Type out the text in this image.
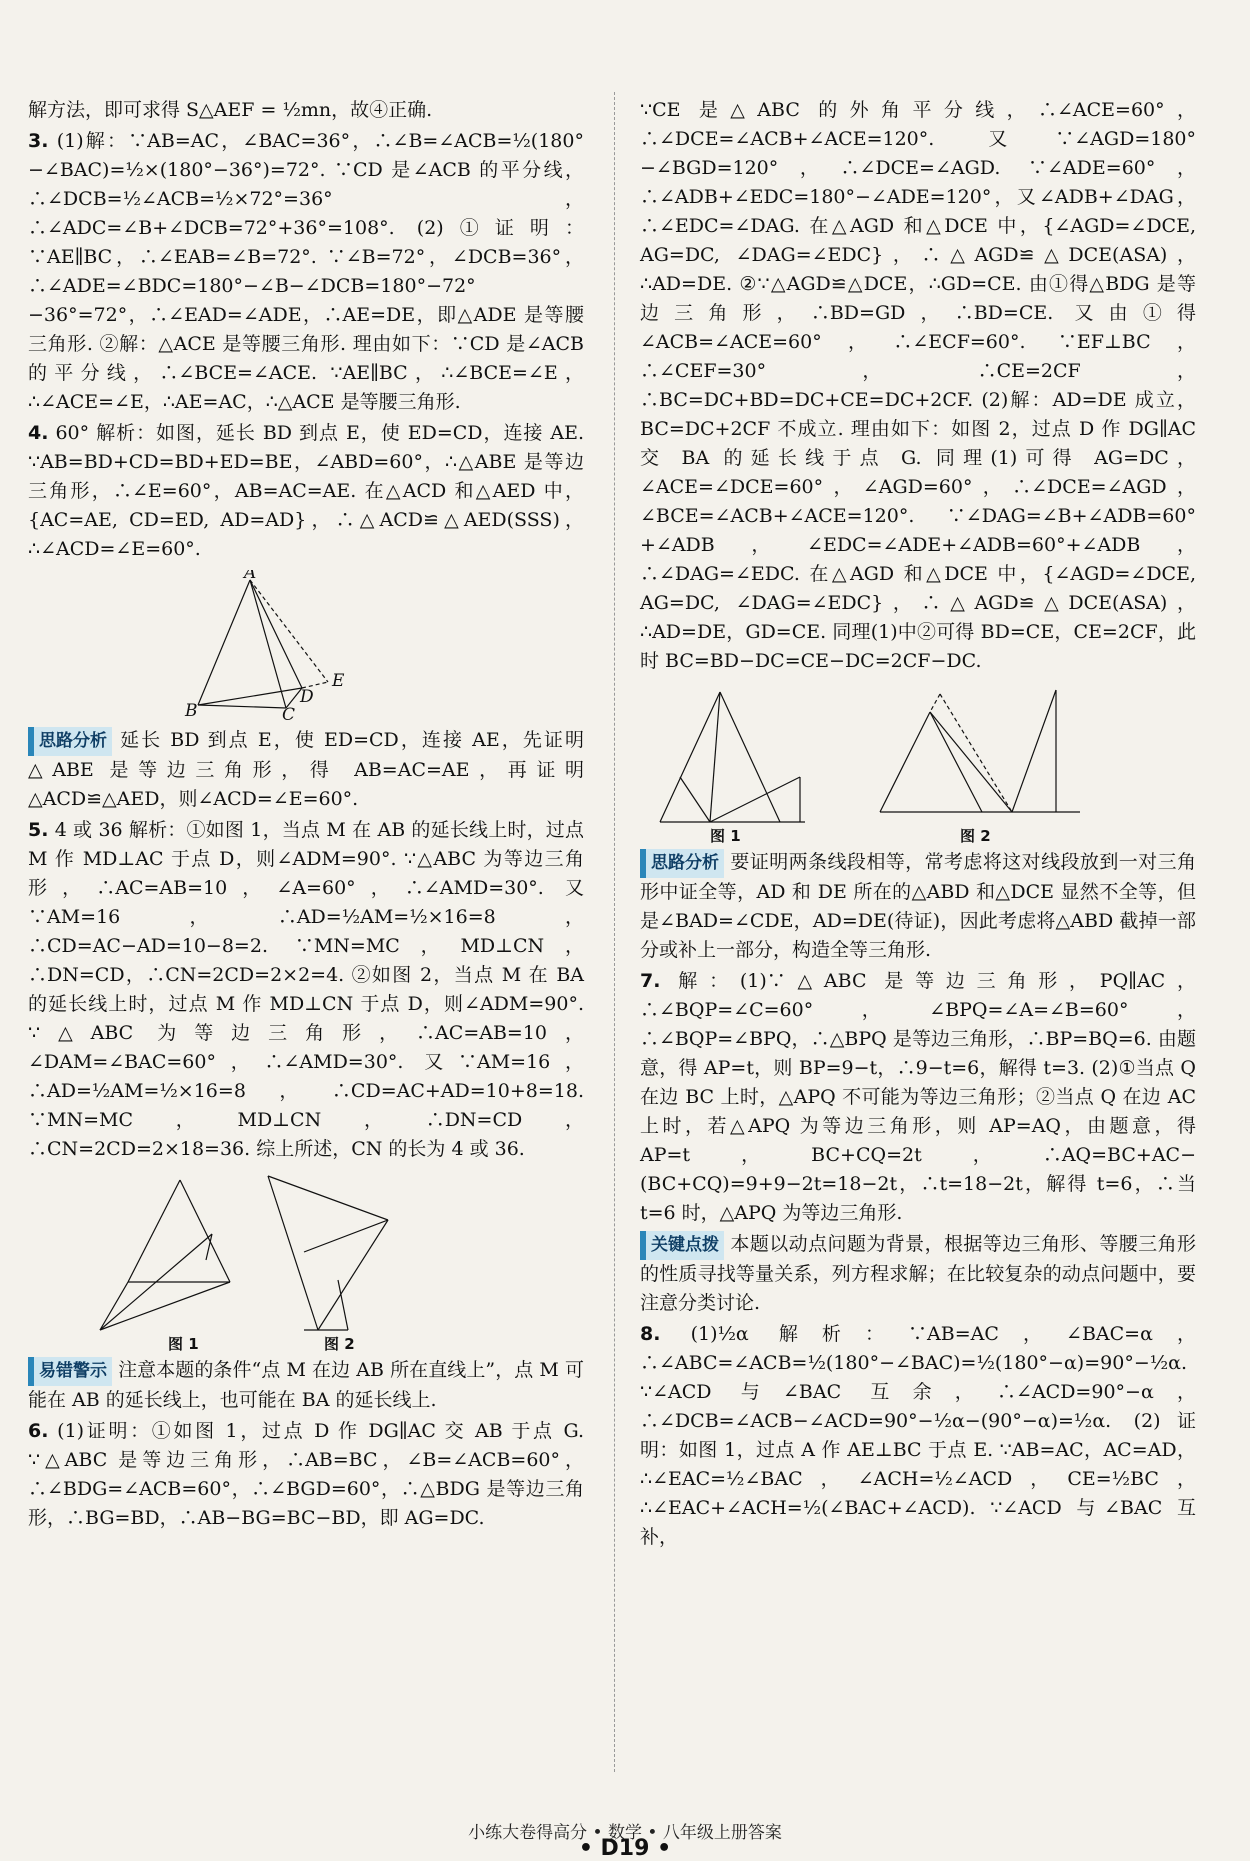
解方法，即可求得 S△AEF = ½mn，故④正确.

3. (1)解：∵AB=AC，∠BAC=36°，∴∠B=∠ACB=½(180°−∠BAC)=½×(180°−36°)=72°. ∵CD 是∠ACB 的平分线，∴∠DCB=½∠ACB=½×72°=36°，∴∠ADC=∠B+∠DCB=72°+36°=108°. (2)①证明：∵AE∥BC，∴∠EAB=∠B=72°. ∵∠B=72°，∠DCB=36°，∴∠ADE=∠BDC=180°−∠B−∠DCB=180°−72°−36°=72°，∴∠EAD=∠ADE，∴AE=DE，即△ADE 是等腰三角形. ②解：△ACE 是等腰三角形. 理由如下：∵CD 是∠ACB 的平分线，∴∠BCE=∠ACE. ∵AE∥BC，∴∠BCE=∠E，∴∠ACE=∠E，∴AE=AC，∴△ACE 是等腰三角形.

4. 60° 解析：如图，延长 BD 到点 E，使 ED=CD，连接 AE. ∵AB=BD+CD=BD+ED=BE，∠ABD=60°，∴△ABE 是等边三角形，∴∠E=60°，AB=AC=AE. 在△ACD 和△AED 中，{AC=AE, CD=ED, AD=AD}，∴△ACD≌△AED(SSS)，∴∠ACD=∠E=60°.

A
B	C
D
E

思路分析 延长 BD 到点 E，使 ED=CD，连接 AE，先证明△ABE 是等边三角形，得 AB=AC=AE，再证明△ACD≌△AED，则∠ACD=∠E=60°.

5. 4 或 36 解析：①如图 1，当点 M 在 AB 的延长线上时，过点 M 作 MD⊥AC 于点 D，则∠ADM=90°. ∵△ABC 为等边三角形，∴AC=AB=10，∠A=60°，∴∠AMD=30°. 又∵AM=16，∴AD=½AM=½×16=8，∴CD=AC−AD=10−8=2. ∵MN=MC，MD⊥CN，∴DN=CD，∴CN=2CD=2×2=4. ②如图 2，当点 M 在 BA 的延长线上时，过点 M 作 MD⊥CN 于点 D，则∠ADM=90°. ∵△ABC 为等边三角形，∴AC=AB=10，∠DAM=∠BAC=60°，∴∠AMD=30°. 又∵AM=16，∴AD=½AM=½×16=8，∴CD=AC+AD=10+8=18. ∵MN=MC，MD⊥CN，∴DN=CD，∴CN=2CD=2×18=36. 综上所述，CN 的长为 4 或 36.

图 1	图 2

易错警示 注意本题的条件“点 M 在边 AB 所在直线上”，点 M 可能在 AB 的延长线上，也可能在 BA 的延长线上.

6. (1)证明：①如图 1，过点 D 作 DG∥AC 交 AB 于点 G. ∵△ABC 是等边三角形，∴AB=BC，∠B=∠ACB=60°，∴∠BDG=∠ACB=60°，∴∠BGD=60°，∴△BDG 是等边三角形，∴BG=BD，∴AB−BG=BC−BD，即 AG=DC.

∵CE 是△ABC 的外角平分线，∴∠ACE=60°，∴∠DCE=∠ACB+∠ACE=120°. 又∵∠AGD=180°−∠BGD=120°，∴∠DCE=∠AGD. ∵∠ADE=60°，∴∠ADB+∠EDC=180°−∠ADE=120°，又∠ADB+∠DAG，∴∠EDC=∠DAG. 在△AGD 和△DCE 中，{∠AGD=∠DCE, AG=DC, ∠DAG=∠EDC}，∴△AGD≌△DCE(ASA)，∴AD=DE. ②∵△AGD≌△DCE，∴GD=CE. 由①得△BDG 是等边三角形，∴BD=GD，∴BD=CE. 又由①得∠ACB=∠ACE=60°，∴∠ECF=60°. ∵EF⊥BC，∴∠CEF=30°，∴CE=2CF，∴BC=DC+BD=DC+CE=DC+2CF. (2)解：AD=DE 成立，BC=DC+2CF 不成立. 理由如下：如图 2，过点 D 作 DG∥AC 交 BA 的延长线于点 G. 同理(1)可得 AG=DC，∠ACE=∠DCE=60°，∠AGD=60°，∴∠DCE=∠AGD，∠BCE=∠ACB+∠ACE=120°. ∵∠DAG=∠B+∠ADB=60°+∠ADB，∠EDC=∠ADE+∠ADB=60°+∠ADB，∴∠DAG=∠EDC. 在△AGD 和△DCE 中，{∠AGD=∠DCE, AG=DC, ∠DAG=∠EDC}，∴△AGD≌△DCE(ASA)，∴AD=DE，GD=CE. 同理(1)中②可得 BD=CE，CE=2CF，此时 BC=BD−DC=CE−DC=2CF−DC.

图 1	图 2

思路分析 要证明两条线段相等，常考虑将这对线段放到一对三角形中证全等，AD 和 DE 所在的△ABD 和△DCE 显然不全等，但是∠BAD=∠CDE，AD=DE(待证)，因此考虑将△ABD 截掉一部分或补上一部分，构造全等三角形.

7. 解：(1)∵△ABC 是等边三角形，PQ∥AC，∴∠BQP=∠C=60°，∠BPQ=∠A=∠B=60°，∴∠BQP=∠BPQ，∴△BPQ 是等边三角形，∴BP=BQ=6. 由题意，得 AP=t，则 BP=9−t，∴9−t=6，解得 t=3. (2)①当点 Q 在边 BC 上时，△APQ 不可能为等边三角形；②当点 Q 在边 AC 上时，若△APQ 为等边三角形，则 AP=AQ，由题意，得 AP=t，BC+CQ=2t，∴AQ=BC+AC−(BC+CQ)=9+9−2t=18−2t，∴t=18−2t，解得 t=6，∴当 t=6 时，△APQ 为等边三角形.

关键点拨 本题以动点问题为背景，根据等边三角形、等腰三角形的性质寻找等量关系，列方程求解；在比较复杂的动点问题中，要注意分类讨论.

8. (1)½α 解析：∵AB=AC，∠BAC=α，∴∠ABC=∠ACB=½(180°−∠BAC)=½(180°−α)=90°−½α. ∵∠ACD 与∠BAC 互余，∴∠ACD=90°−α，∴∠DCB=∠ACB−∠ACD=90°−½α−(90°−α)=½α. (2)证明：如图 1，过点 A 作 AE⊥BC 于点 E. ∵AB=AC，AC=AD，∴∠EAC=½∠BAC，∠ACH=½∠ACD，CE=½BC，∴∠EAC+∠ACH=½(∠BAC+∠ACD). ∵∠ACD 与∠BAC 互补，

小练大卷得高分 • 数学 • 八年级上册答案
• D19 •
